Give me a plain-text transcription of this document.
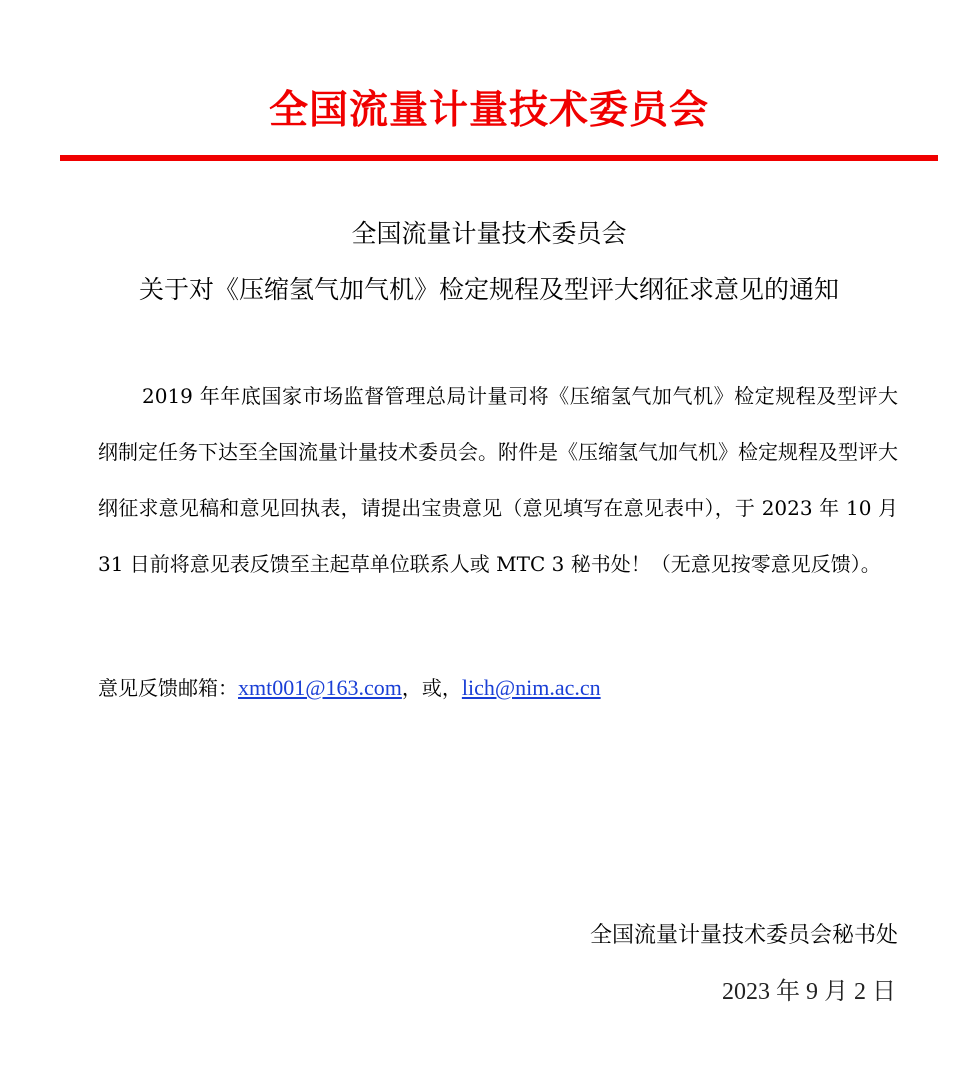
全国流量计量技术委员会
全国流量计量技术委员会
关于对《压缩氢气加气机》检定规程及型评大纲征求意见的通知
2019 年年底国家市场监督管理总局计量司将《压缩氢气加气机》检定规程及型评大纲制定任务下达至全国流量计量技术委员会。附件是《压缩氢气加气机》检定规程及型评大纲征求意见稿和意见回执表，请提出宝贵意见（意见填写在意见表中），于 2023 年 10 月 31 日前将意见表反馈至主起草单位联系人或 MTC 3 秘书处！（无意见按零意见反馈）。
意见反馈邮箱：xmt001@163.com，或，lich@nim.ac.cn
全国流量计量技术委员会秘书处
2023 年 9 月 2 日
